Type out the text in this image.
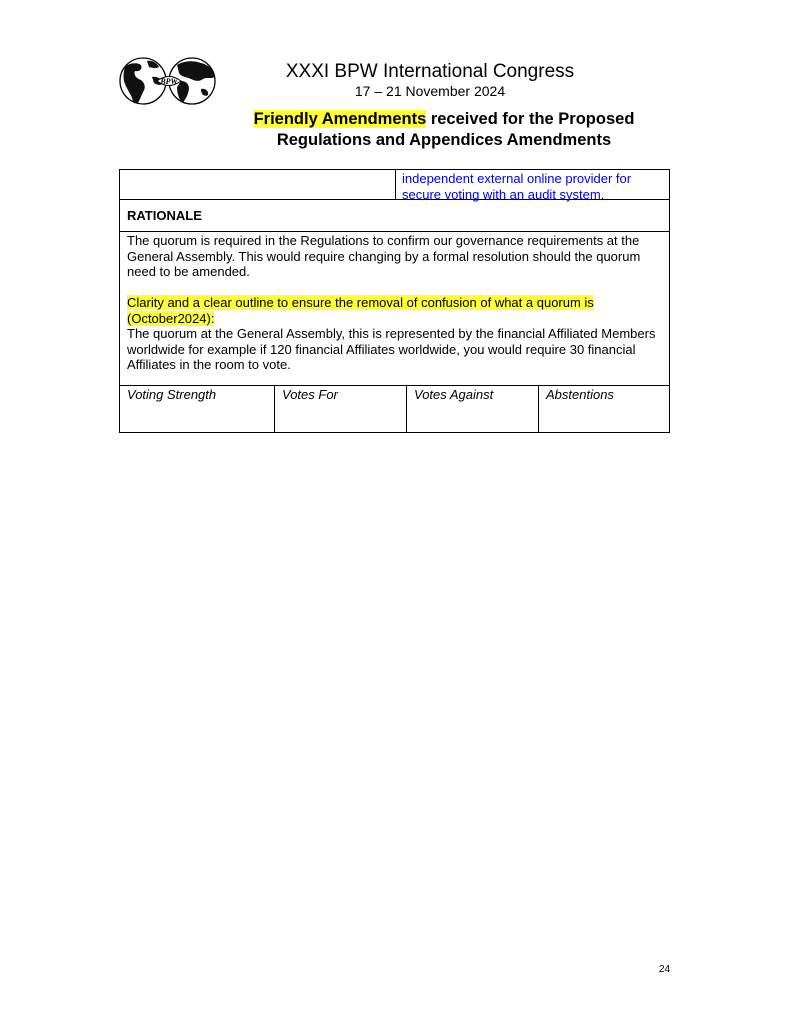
BPW	XXXI BPW International Congress
17 – 21 November 2024
Friendly Amendments received for the Proposed
Regulations and Appendices Amendments
independent external online provider for secure voting with an audit system.
RATIONALE

The quorum is required in the Regulations to confirm our governance requirements at the General Assembly. This would require changing by a formal resolution should the quorum need to be amended.

Clarity and a clear outline to ensure the removal of confusion of what a quorum is (October2024):

The quorum at the General Assembly, this is represented by the financial Affiliated Members worldwide for example if 120 financial Affiliates worldwide, you would require 30 financial Affiliates in the room to vote.

Voting Strength	Votes For	Votes Against	Abstentions
24
